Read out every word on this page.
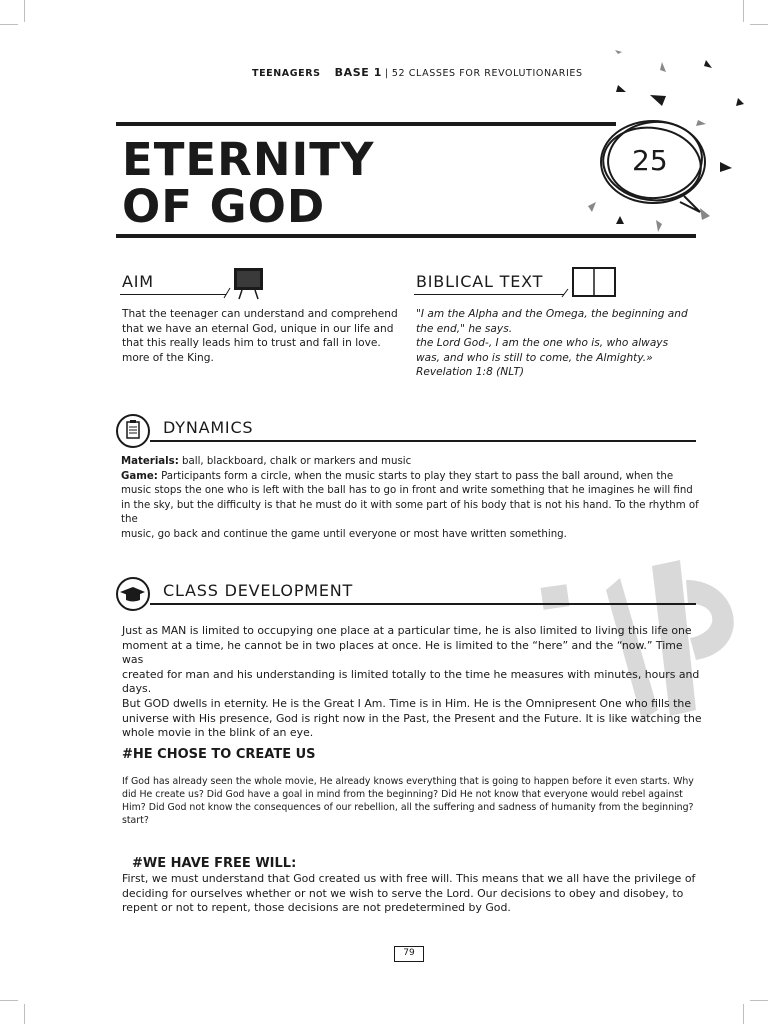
TEENAGERS BASE 1 | 52 CLASSES FOR REVOLUTIONARIES
ETERNITY
OF GOD
25
AIM
That the teenager can understand and comprehend
that we have an eternal God, unique in our life and
that this really leads him to trust and fall in love.
more of the King.
BIBLICAL TEXT
"I am the Alpha and the Omega, the beginning and
the end," he says.
the Lord God-, I am the one who is, who always
was, and who is still to come, the Almighty.»
Revelation 1:8 (NLT)
DYNAMICS
Materials: ball, blackboard, chalk or markers and music
Game: Participants form a circle, when the music starts to play they start to pass the ball around, when the
music stops the one who is left with the ball has to go in front and write something that he imagines he will find
in the sky, but the difficulty is that he must do it with some part of his body that is not his hand. To the rhythm of
the
music, go back and continue the game until everyone or most have written something.
CLASS DEVELOPMENT
Just as MAN is limited to occupying one place at a particular time, he is also limited to living this life one
moment at a time, he cannot be in two places at once. He is limited to the “here” and the “now.” Time was
created for man and his understanding is limited totally to the time he measures with minutes, hours and
days.
But GOD dwells in eternity. He is the Great I Am. Time is in Him. He is the Omnipresent One who fills the
universe with His presence, God is right now in the Past, the Present and the Future. It is like watching the
whole movie in the blink of an eye.
#HE CHOSE TO CREATE US
If God has already seen the whole movie, He already knows everything that is going to happen before it even starts. Why
did He create us? Did God have a goal in mind from the beginning? Did He not know that everyone would rebel against
Him? Did God not know the consequences of our rebellion, all the suffering and sadness of humanity from the beginning?
start?
#WE HAVE FREE WILL:
First, we must understand that God created us with free will. This means that we all have the privilege of
deciding for ourselves whether or not we wish to serve the Lord. Our decisions to obey and disobey, to
repent or not to repent, those decisions are not predetermined by God.
79
